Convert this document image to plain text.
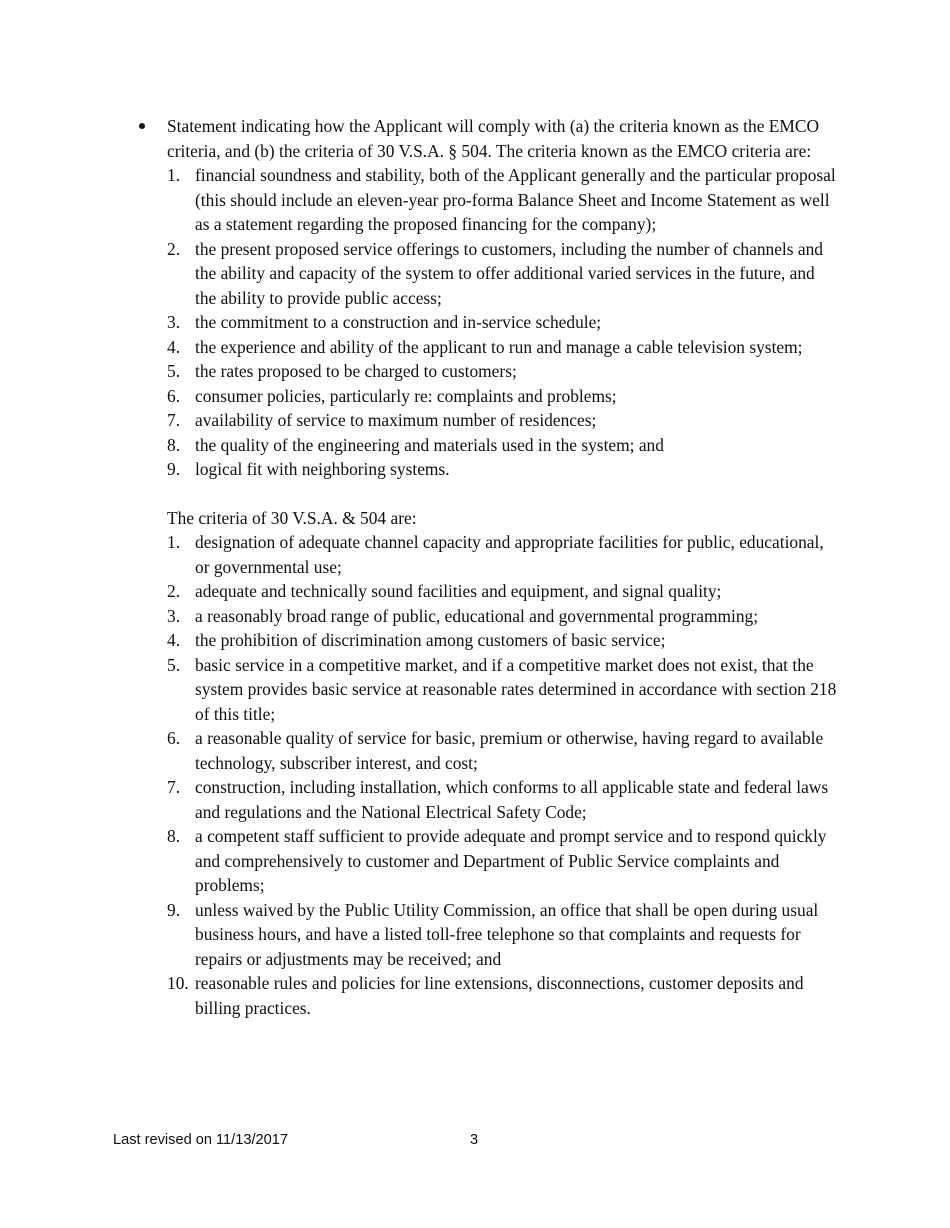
Statement indicating how the Applicant will comply with (a) the criteria known as the EMCO criteria, and (b) the criteria of 30 V.S.A. § 504. The criteria known as the EMCO criteria are:

1. financial soundness and stability, both of the Applicant generally and the particular proposal (this should include an eleven-year pro-forma Balance Sheet and Income Statement as well as a statement regarding the proposed financing for the company);
2. the present proposed service offerings to customers, including the number of channels and the ability and capacity of the system to offer additional varied services in the future, and the ability to provide public access;
3. the commitment to a construction and in-service schedule;
4. the experience and ability of the applicant to run and manage a cable television system;
5. the rates proposed to be charged to customers;
6. consumer policies, particularly re: complaints and problems;
7. availability of service to maximum number of residences;
8. the quality of the engineering and materials used in the system; and
9. logical fit with neighboring systems.

The criteria of 30 V.S.A. & 504 are:

1. designation of adequate channel capacity and appropriate facilities for public, educational, or governmental use;
2. adequate and technically sound facilities and equipment, and signal quality;
3. a reasonably broad range of public, educational and governmental programming;
4. the prohibition of discrimination among customers of basic service;
5. basic service in a competitive market, and if a competitive market does not exist, that the system provides basic service at reasonable rates determined in accordance with section 218 of this title;
6. a reasonable quality of service for basic, premium or otherwise, having regard to available technology, subscriber interest, and cost;
7. construction, including installation, which conforms to all applicable state and federal laws and regulations and the National Electrical Safety Code;
8. a competent staff sufficient to provide adequate and prompt service and to respond quickly and comprehensively to customer and Department of Public Service complaints and problems;
9. unless waived by the Public Utility Commission, an office that shall be open during usual business hours, and have a listed toll-free telephone so that complaints and requests for repairs or adjustments may be received; and
10. reasonable rules and policies for line extensions, disconnections, customer deposits and billing practices.
Last revised on 11/13/2017	3
